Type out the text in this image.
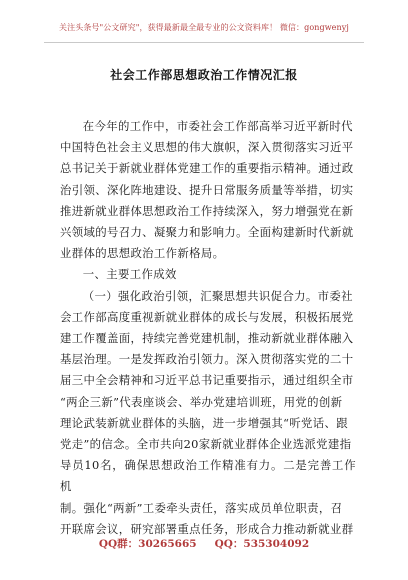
关注头条号"公文研究"，获得最新最全最专业的公文资料库！ 微信：gongwenyj
社会工作部思想政治工作情况汇报

在今年的工作中，市委社会工作部高举习近平新时代
中国特色社会主义思想的伟大旗帜，深入贯彻落实习近平
总书记关于新就业群体党建工作的重要指示精神。通过政
治引领、深化阵地建设、提升日常服务质量等举措，切实
推进新就业群体思想政治工作持续深入，努力增强党在新
兴领域的号召力、凝聚力和影响力。全面构建新时代新就
业群体的思想政治工作新格局。

一、主要工作成效

（一）强化政治引领，汇聚思想共识促合力。市委社
会工作部高度重视新就业群体的成长与发展，积极拓展党
建工作覆盖面，持续完善党建机制，推动新就业群体融入
基层治理。一是发挥政治引领力。深入贯彻落实党的二十
届三中全会精神和习近平总书记重要指示，通过组织全市
“两企三新”代表座谈会、举办党建培训班，用党的创新
理论武装新就业群体的头脑，进一步增强其“听党话、跟
党走”的信念。全市共向20家新就业群体企业选派党建指
导员10名，确保思想政治工作精准有力。二是完善工作机
制。强化“两新”工委牵头责任，落实成员单位职责，召
开联席会议，研究部署重点任务，形成合力推动新就业群

QQ群：30265665 QQ：535304092
